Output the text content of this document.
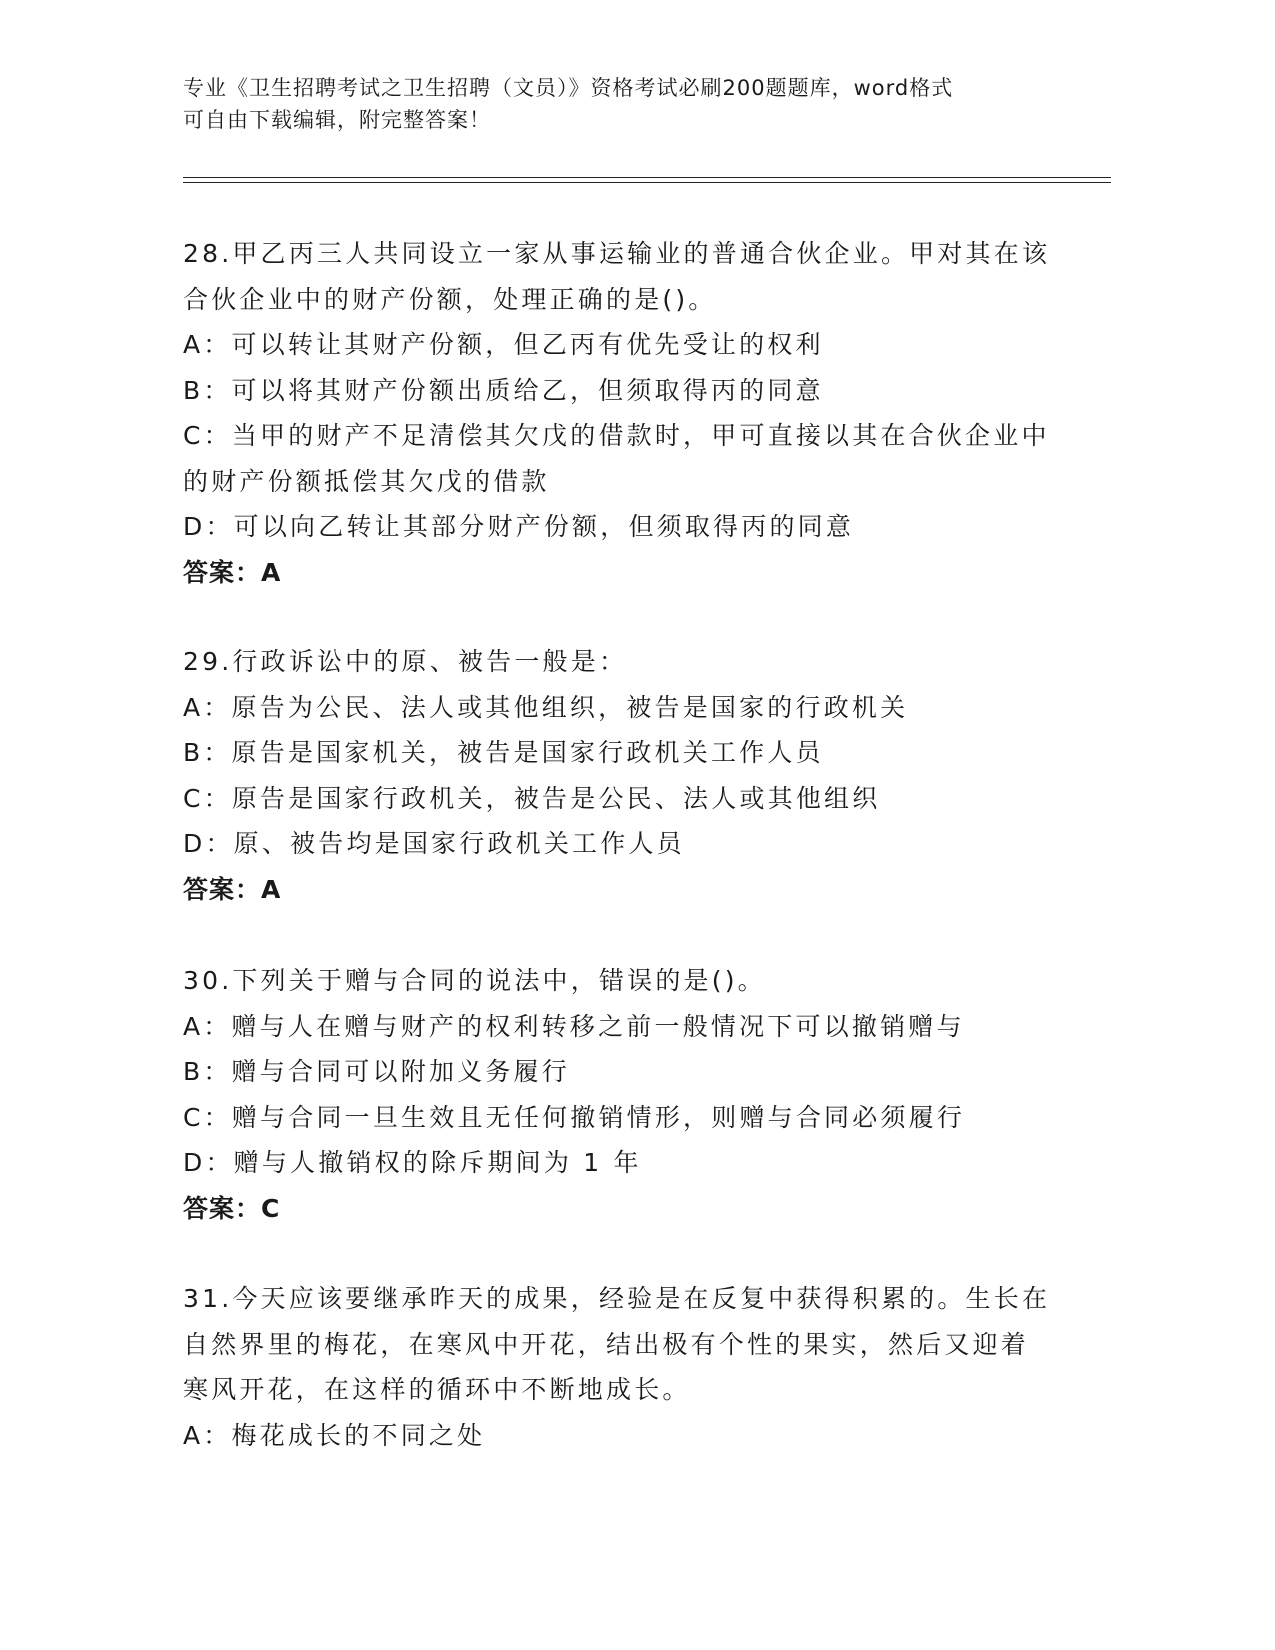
专业《卫生招聘考试之卫生招聘（文员）》资格考试必刷200题题库，word格式
可自由下载编辑，附完整答案！

28.甲乙丙三人共同设立一家从事运输业的普通合伙企业。甲对其在该

合伙企业中的财产份额，处理正确的是()。

A：可以转让其财产份额，但乙丙有优先受让的权利

B：可以将其财产份额出质给乙，但须取得丙的同意

C：当甲的财产不足清偿其欠戊的借款时，甲可直接以其在合伙企业中

的财产份额抵偿其欠戊的借款

D：可以向乙转让其部分财产份额，但须取得丙的同意

答案：A

29.行政诉讼中的原、被告一般是：

A：原告为公民、法人或其他组织，被告是国家的行政机关

B：原告是国家机关，被告是国家行政机关工作人员

C：原告是国家行政机关，被告是公民、法人或其他组织

D：原、被告均是国家行政机关工作人员

答案：A

30.下列关于赠与合同的说法中，错误的是()。

A：赠与人在赠与财产的权利转移之前一般情况下可以撤销赠与

B：赠与合同可以附加义务履行

C：赠与合同一旦生效且无任何撤销情形，则赠与合同必须履行

D：赠与人撤销权的除斥期间为 1 年

答案：C

31.今天应该要继承昨天的成果，经验是在反复中获得积累的。生长在

自然界里的梅花，在寒风中开花，结出极有个性的果实，然后又迎着

寒风开花，在这样的循环中不断地成长。

A：梅花成长的不同之处
